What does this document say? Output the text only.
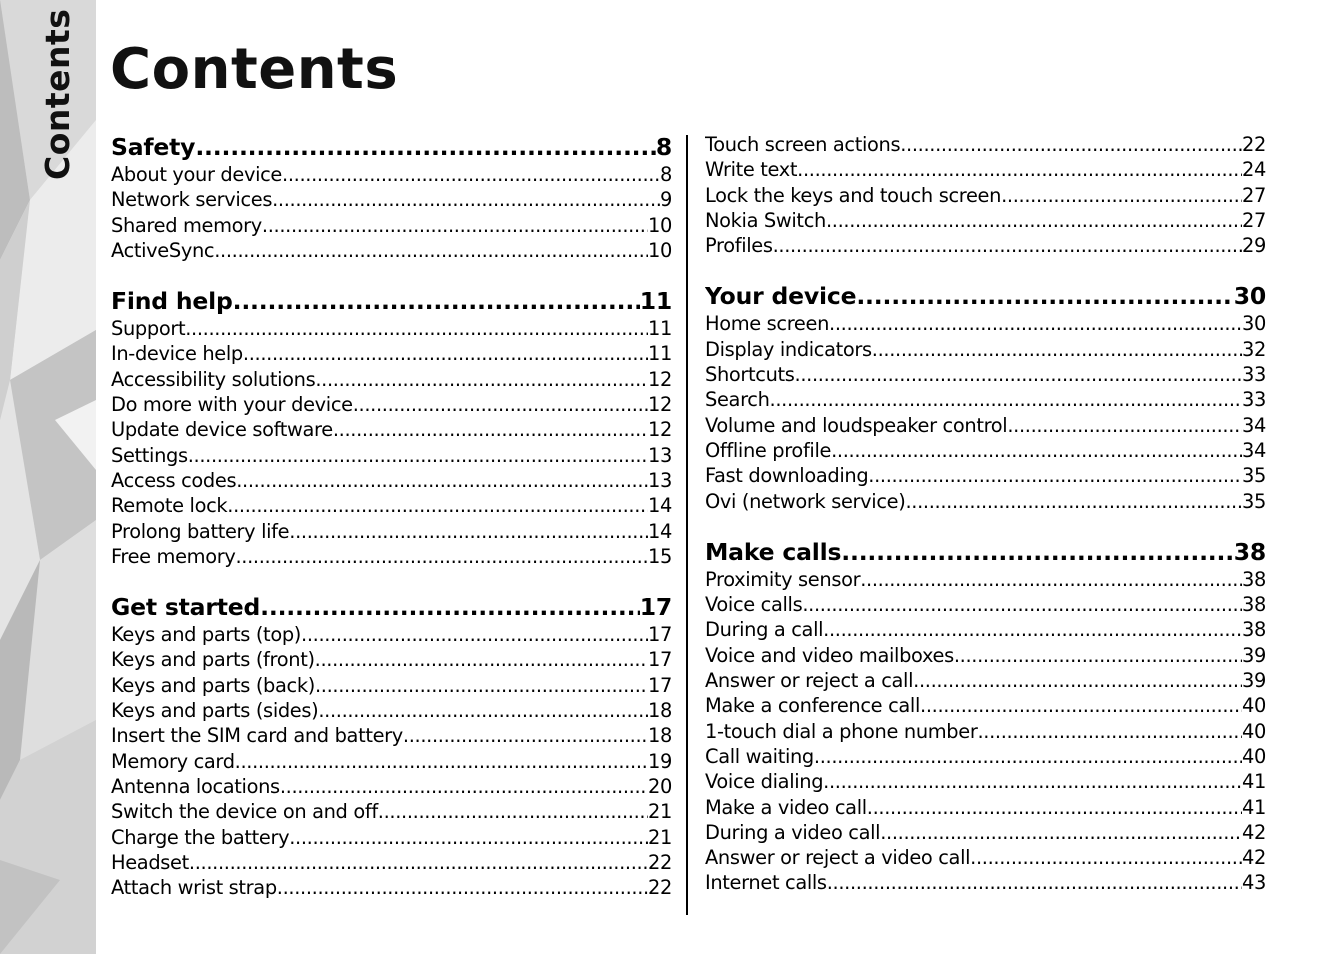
Contents Contents
Safety .....	8
About your device .....	8
Network services .....	9
Shared memory .....	10
ActiveSync .....	10
Find help .....	11
Support .....	11
In-device help .....	11
Accessibility solutions .....	12
Do more with your device .....	12
Update device software .....	12
Settings .....	13
Access codes .....	13
Remote lock .....	14
Prolong battery life .....	14
Free memory .....	15
Get started .....	17
Keys and parts (top) .....	17
Keys and parts (front) .....	17
Keys and parts (back) .....	17
Keys and parts (sides) .....	18
Insert the SIM card and battery .....	18
Memory card .....	19
Antenna locations .....	20
Switch the device on and off .....	21
Charge the battery .....	21
Headset .....	22
Attach wrist strap .....	22
Touch screen actions .....	22
Write text .....	24
Lock the keys and touch screen .....	27
Nokia Switch .....	27
Profiles .....	29
Your device .....	30
Home screen .....	30
Display indicators .....	32
Shortcuts .....	33
Search .....	33
Volume and loudspeaker control .....	34
Offline profile .....	34
Fast downloading .....	35
Ovi (network service) .....	35
Make calls .....	38
Proximity sensor .....	38
Voice calls .....	38
During a call .....	38
Voice and video mailboxes .....	39
Answer or reject a call .....	39
Make a conference call .....	40
1-touch dial a phone number .....	40
Call waiting .....	40
Voice dialing .....	41
Make a video call .....	41
During a video call .....	42
Answer or reject a video call .....	42
Internet calls .....	43
